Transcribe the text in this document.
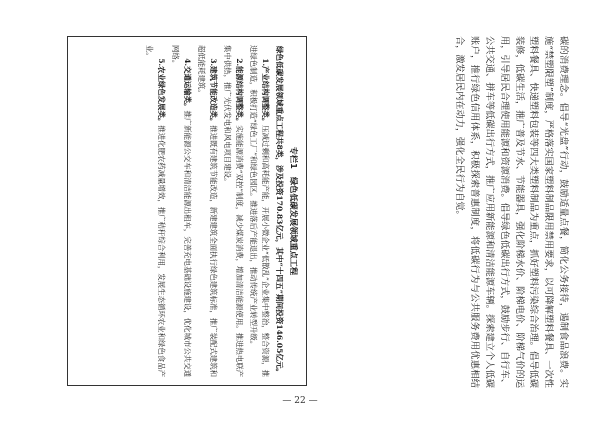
碳的消费理念。倡导“光盘”行动，鼓励适量点餐，简化公务接待，遏制食品浪费。实施“禁塑限塑”制度，严格落实国家塑料制品限用禁用要求，以可降解塑料餐具、一次性塑料餐具、快递塑料包装等四大类塑料制品为重点，抓好塑料污染综合治理。倡导低碳装修，低碳生活，推广普及节水、节能器具，强化阶梯水价、阶梯电价、阶梯气价的运用，引导居民合理使用能源和资源消费。倡导绿色低碳出行方式，鼓励步行、自行车、公共交通、拼车等低碳出行方式，推广应用新能源和清洁能源车辆。探索建立个人低碳账户，推行绿色信用体系，积极探索普惠制度，将低碳行为与公共服务费用优惠相结合，激发居民内在动力，强化全民行为自觉。

专栏1　绿色低碳发展领域重点工程
绿色低碳发展领域重点工程共8类，涉及投资170.83亿元，其中“十四五”期间投资146.05亿元。

1.产业结构调整类。压减过剩和高耗能产能，开展小微企业“低散乱”企业集中整治，整合资源，推进绿色制造，积极打造“绿色工厂”和绿色园区。推进落后产能退出，推动传统产业转型升级。

2.能源结构调整类。实施能源消费“双控”制度，减少煤炭消费，增加清洁能源使用。推进热电联产集中供热，推广光伏发电和风电项目建设。

3.建筑节能改造类。推进既有建筑节能改造，新建建筑全面执行绿色建筑标准，推广装配式建筑和超低能耗建筑。

4.交通运输类。推广新能源公交车和清洁能源出租车，完善充电基础设施建设，优化城市公共交通网络。

5.农业绿色发展类。推进化肥农药减量增效，推广秸秆综合利用，发展生态循环农业和绿色食品产业。

— 22 —
